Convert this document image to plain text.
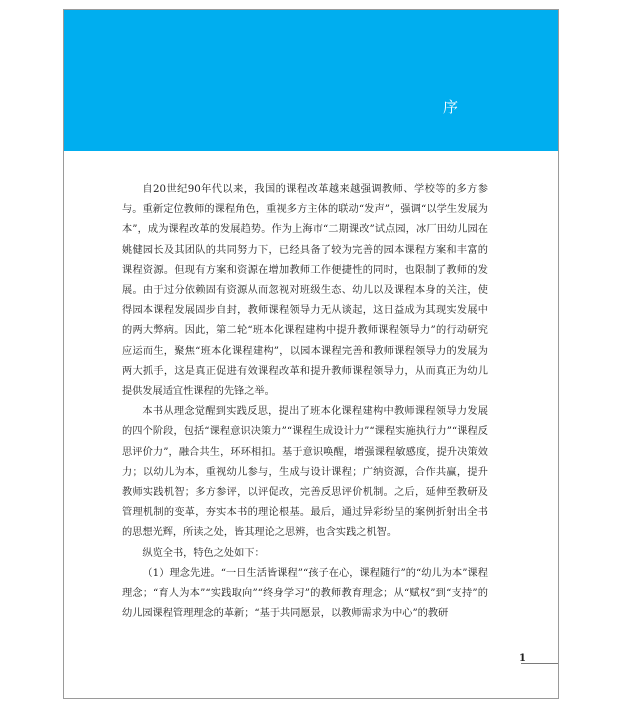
序

自20世纪90年代以来，我国的课程改革越来越强调教师、学校等的多方参与。重新定位教师的课程角色，重视多方主体的联动“发声”，强调“以学生发展为本”，成为课程改革的发展趋势。作为上海市“二期课改”试点园，冰厂田幼儿园在姚健园长及其团队的共同努力下，已经具备了较为完善的园本课程方案和丰富的课程资源。但现有方案和资源在增加教师工作便捷性的同时，也限制了教师的发展。由于过分依赖固有资源从而忽视对班级生态、幼儿以及课程本身的关注，使得园本课程发展固步自封，教师课程领导力无从谈起，这日益成为其现实发展中的两大弊病。因此，第二轮“班本化课程建构中提升教师课程领导力”的行动研究应运而生，聚焦“班本化课程建构”，以园本课程完善和教师课程领导力的发展为两大抓手，这是真正促进有效课程改革和提升教师课程领导力，从而真正为幼儿提供发展适宜性课程的先锋之举。

本书从理念觉醒到实践反思，提出了班本化课程建构中教师课程领导力发展的四个阶段，包括“课程意识决策力”“课程生成设计力”“课程实施执行力”“课程反思评价力”，融合共生，环环相扣。基于意识唤醒，增强课程敏感度，提升决策效力；以幼儿为本，重视幼儿参与，生成与设计课程；广纳资源，合作共赢，提升教师实践机智；多方参评，以评促改，完善反思评价机制。之后，延伸至教研及管理机制的变革，夯实本书的理论根基。最后，通过异彩纷呈的案例折射出全书的思想光辉，所读之处，皆其理论之思辨，也含实践之机智。

纵览全书，特色之处如下：

（1）理念先进。“一日生活皆课程”“孩子在心，课程随行”的“幼儿为本”课程理念；“育人为本”“实践取向”“终身学习”的教师教育理念；从“赋权”到“支持”的幼儿园课程管理理念的革新；“基于共同愿景，以教师需求为中心”的教研

1
